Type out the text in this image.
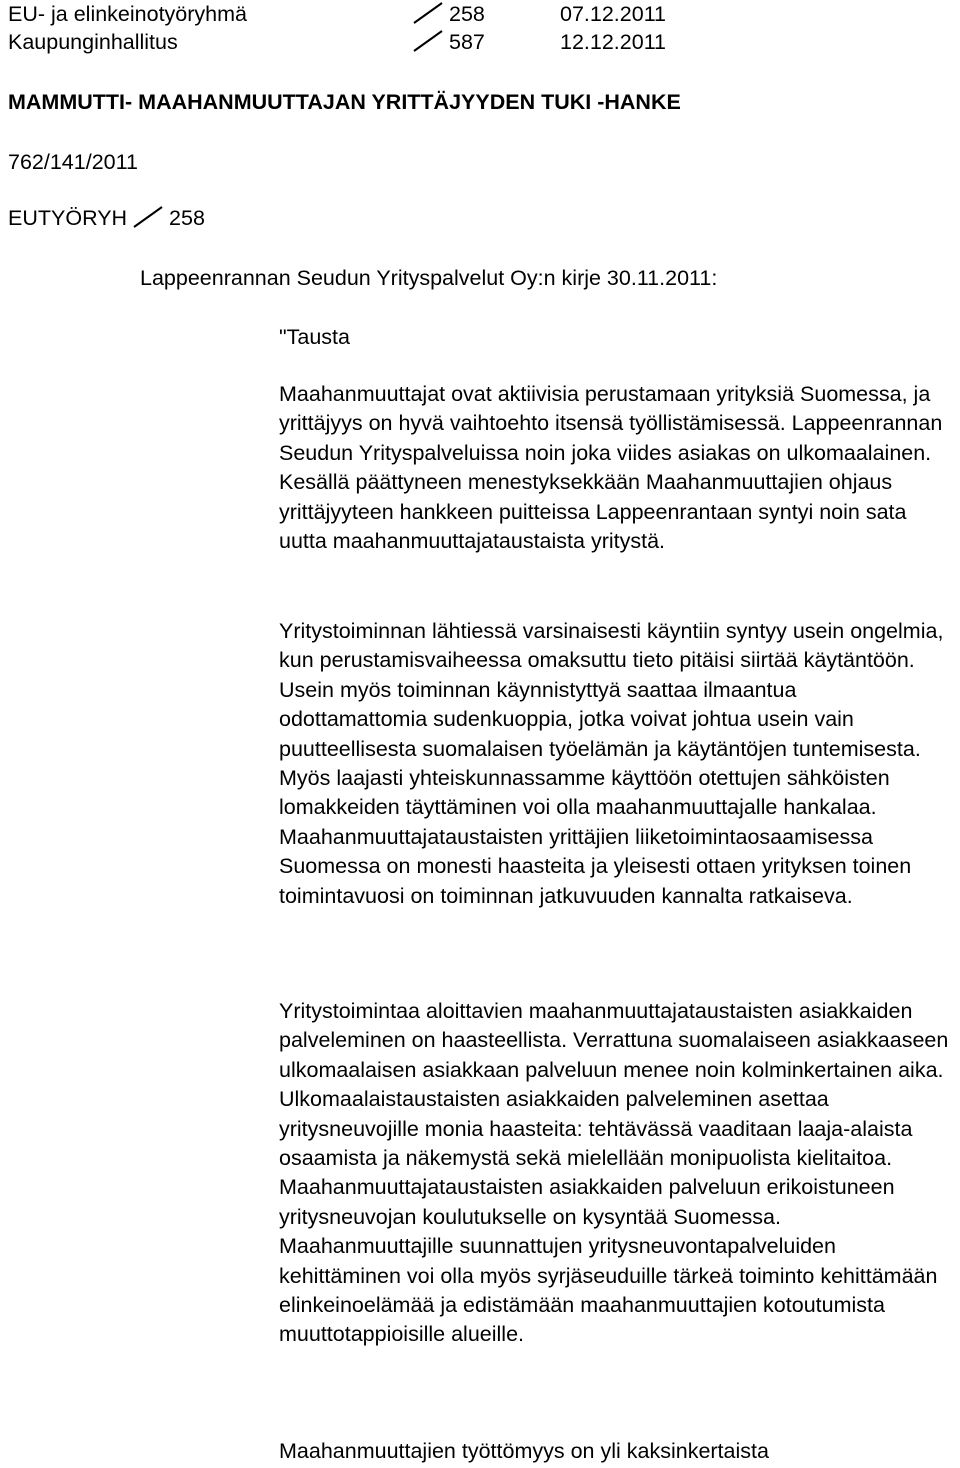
EU- ja elinkeinotyöryhmä	258	07.12.2011
Kaupunginhallitus	587	12.12.2011
MAMMUTTI- MAAHANMUUTTAJAN YRITTÄJYYDEN TUKI -HANKE
762/141/2011
EUTYÖRYH 258
Lappeenrannan Seudun Yrityspalvelut Oy:n kirje 30.11.2011:
"Tausta

Maahanmuuttajat ovat aktiivisia perustamaan yrityksiä Suomessa, ja yrittäjyys on hyvä vaihtoehto itsensä työllistämisessä. Lappeenrannan Seudun Yrityspalveluissa noin joka viides asiakas on ulkomaalainen. Kesällä päättyneen menestyksekkään Maahanmuuttajien ohjaus yrittäjyyteen hankkeen puitteissa Lappeenrantaan syntyi noin sata uutta maahanmuuttajataustaista yritystä.

Yritystoiminnan lähtiessä varsinaisesti käyntiin syntyy usein ongelmia, kun perustamisvaiheessa omaksuttu tieto pitäisi siirtää käytäntöön. Usein myös toiminnan käynnistyttyä saattaa ilmaantua odottamattomia sudenkuoppia, jotka voivat johtua usein vain puutteellisesta suomalaisen työelämän ja käytäntöjen tuntemisesta. Myös laajasti yhteiskunnassamme käyttöön otettujen sähköisten lomakkeiden täyttäminen voi olla maahanmuuttajalle hankalaa. Maahanmuuttajataustaisten yrittäjien liiketoimintaosaamisessa Suomessa on monesti haasteita ja yleisesti ottaen yrityksen toinen toimintavuosi on toiminnan jatkuvuuden kannalta ratkaiseva.

Yritystoimintaa aloittavien maahanmuuttajataustaisten asiakkaiden palveleminen on haasteellista. Verrattuna suomalaiseen asiakkaaseen ulkomaalaisen asiakkaan palveluun menee noin kolminkertainen aika. Ulkomaalaistaustaisten asiakkaiden palveleminen asettaa yritysneuvojille monia haasteita: tehtävässä vaaditaan laaja-alaista osaamista ja näkemystä sekä mielellään monipuolista kielitaitoa. Maahanmuuttajataustaisten asiakkaiden palveluun erikoistuneen yritysneuvojan koulutukselle on kysyntää Suomessa. Maahanmuuttajille suunnattujen yritysneuvontapalveluiden kehittäminen voi olla myös syrjäseuduille tärkeä toiminto kehittämään elinkeinoelämää ja edistämään maahanmuuttajien kotoutumista muuttotappioisille alueille.

Maahanmuuttajien työttömyys on yli kaksinkertaista
